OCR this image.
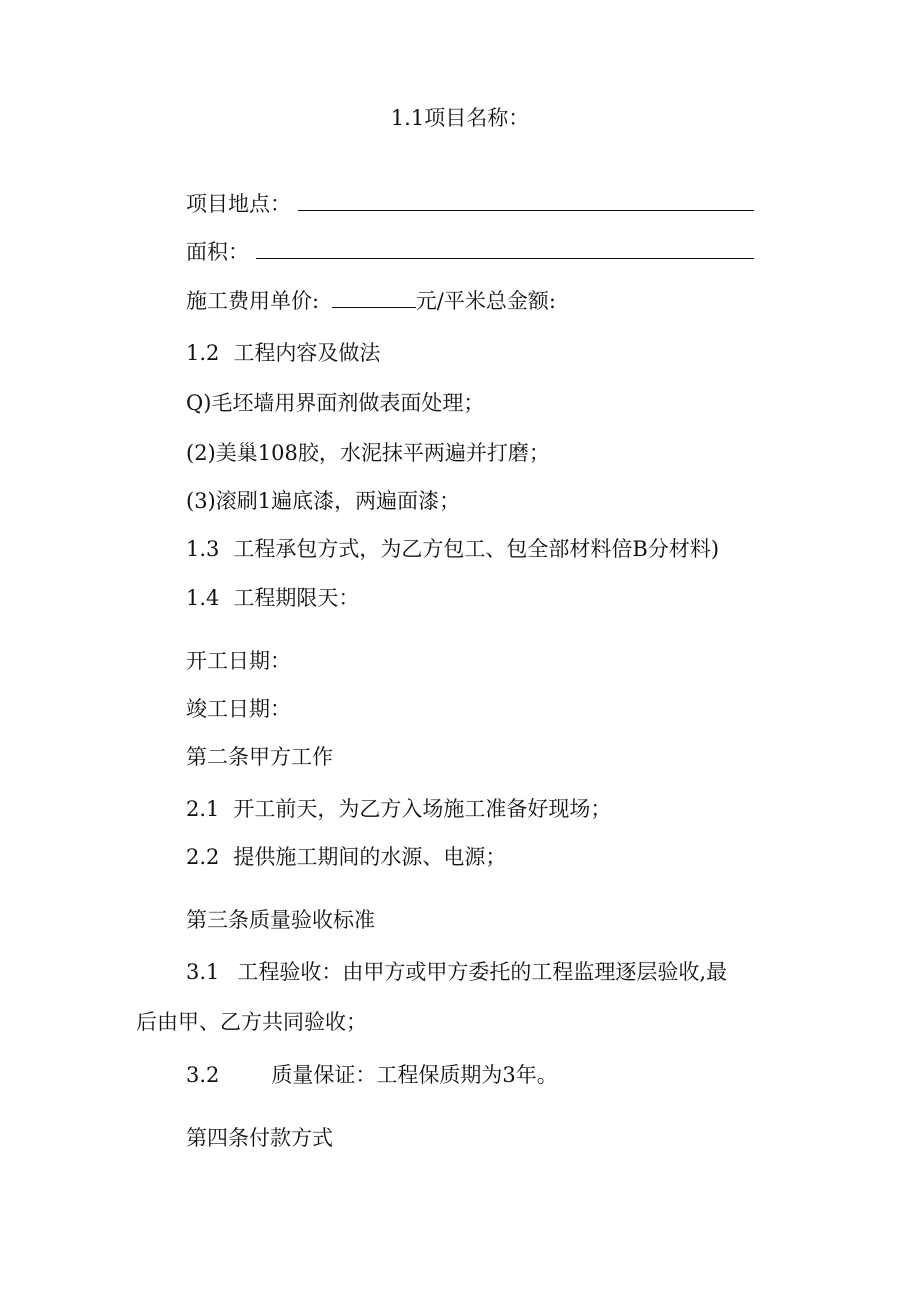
1.1项目名称：
项目地点：
面积：
施工费用单价:	元/平米总金额:
1.2 工程内容及做法
Q)毛坯墙用界面剂做表面处理；
(2)美巢108胶，水泥抹平两遍并打磨；
(3)滚刷1遍底漆，两遍面漆；
1.3 工程承包方式，为乙方包工、包全部材料倍B分材料)
1.4 工程期限天：
开工日期：
竣工日期：
第二条甲方工作
2.1 开工前天，为乙方入场施工准备好现场；
2.2 提供施工期间的水源、电源；
第三条质量验收标准
3.1 工程验收：由甲方或甲方委托的工程监理逐层验收,最
后由甲、乙方共同验收；
3.2 质量保证：工程保质期为3年。
第四条付款方式
